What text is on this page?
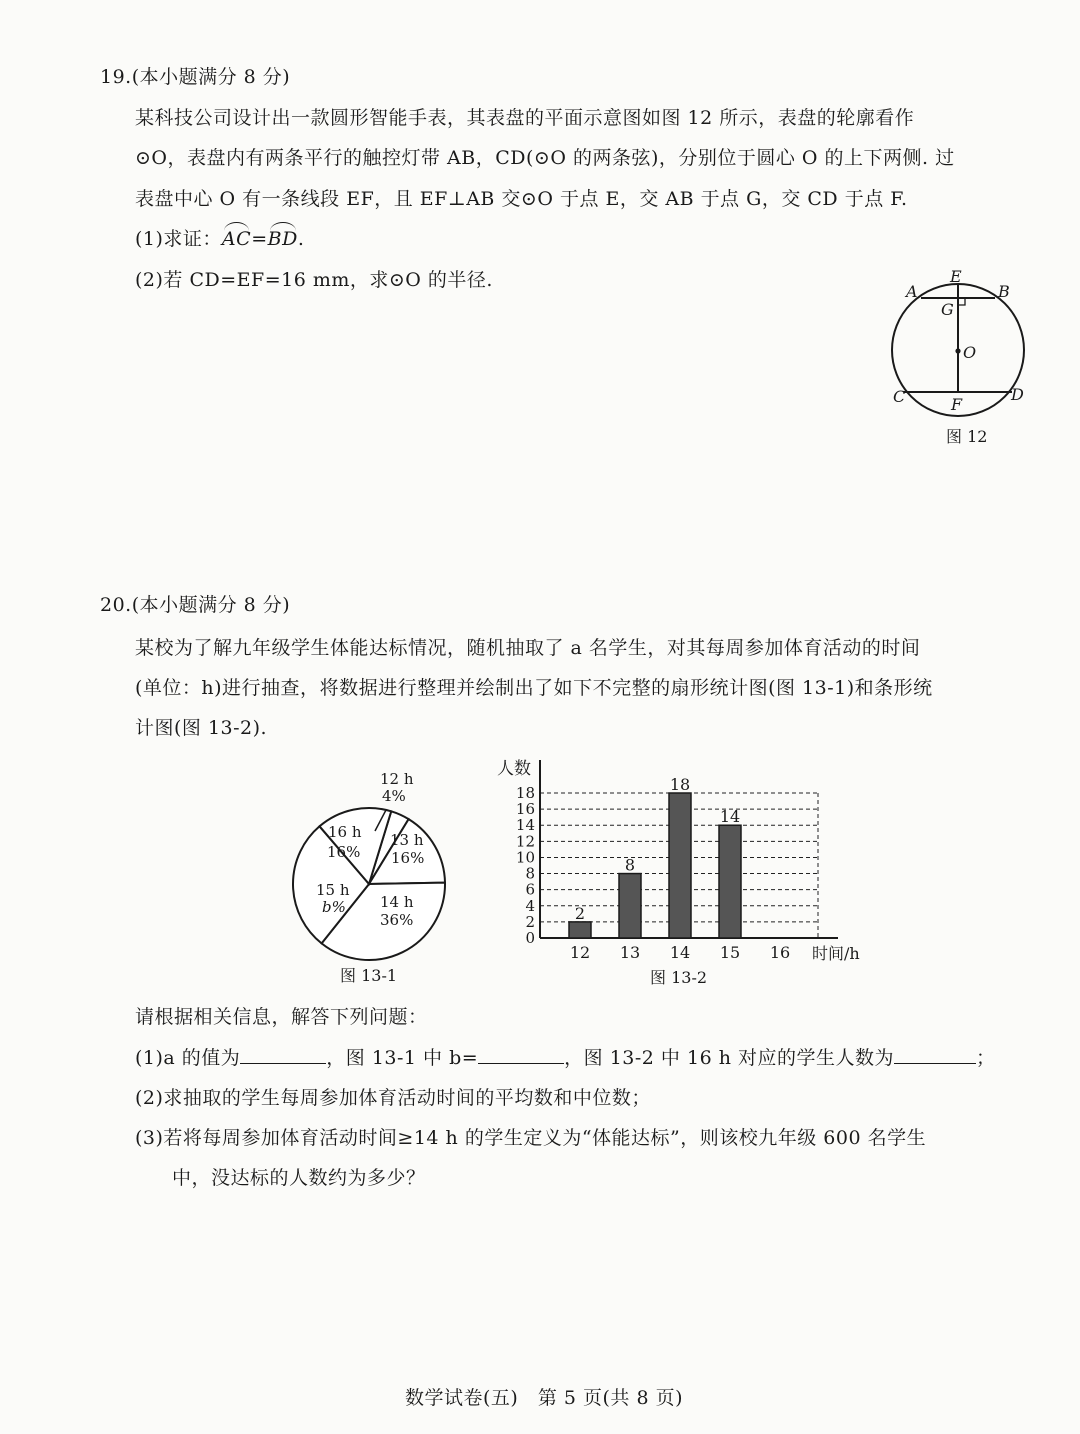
19.(本小题满分 8 分)
某科技公司设计出一款圆形智能手表，其表盘的平面示意图如图 12 所示，表盘的轮廓看作
⊙O，表盘内有两条平行的触控灯带 AB，CD(⊙O 的两条弦)，分别位于圆心 O 的上下两侧. 过
表盘中心 O 有一条线段 EF，且 EF⊥AB 交⊙O 于点 E，交 AB 于点 G，交 CD 于点 F.
(1)求证：
AC=
BD.
(2)若 CD=EF=16 mm，求⊙O 的半径.	E
A	B
G
O
C	D
F
图 12
20.(本小题满分 8 分)
某校为了解九年级学生体能达标情况，随机抽取了 a 名学生，对其每周参加体育活动的时间
(单位：h)进行抽查，将数据进行整理并绘制出了如下不完整的扇形统计图(图 13-1)和条形统
计图(图 13-2).
12 h
4%
13 h
16%
14 h
36%
15 h
b%
16 h
16%
图 13-1
0
2
4
6
8
10
12
14
16
18
12
2
13
8
14
18
15
14
16
人数
时间/h
图 13-2
请根据相关信息，解答下列问题：
(1)a 的值为	，图 13-1 中 b=	，图 13-2 中 16 h 对应的学生人数为	；
(2)求抽取的学生每周参加体育活动时间的平均数和中位数；
(3)若将每周参加体育活动时间≥14 h 的学生定义为“体能达标”，则该校九年级 600 名学生
中，没达标的人数约为多少？
数学试卷(五)　第 5 页(共 8 页)
